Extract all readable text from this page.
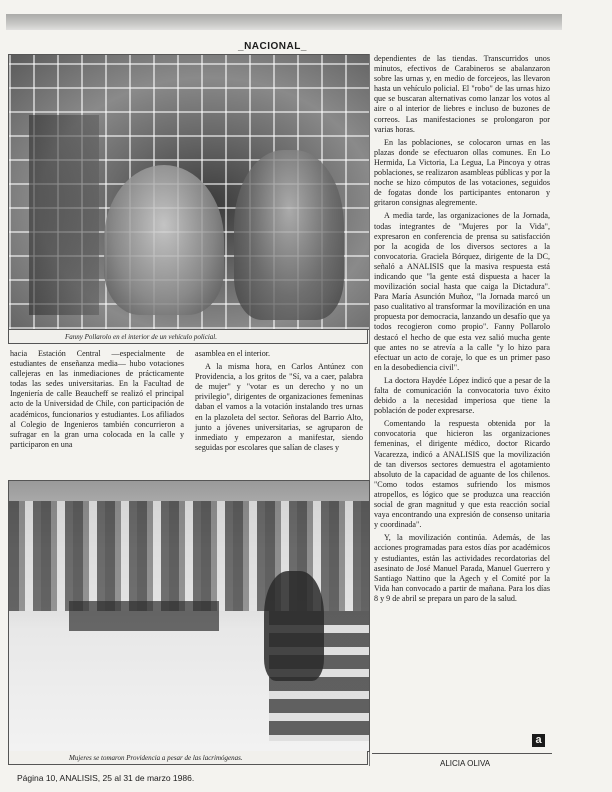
_NACIONAL_
Fanny Pollarolo en el interior de un vehículo policial.

hacia Estación Central —especialmente de estudiantes de enseñanza media— hubo votaciones callejeras en las inmediaciones de prácticamente todas las sedes universitarias. En la Facultad de Ingeniería de calle Beaucheff se realizó el principal acto de la Universidad de Chile, con participación de académicos, funcionarios y estudiantes. Los afiliados al Colegio de Ingenieros también concurrieron a sufragar en la gran urna colocada en la calle y participaron en una

asamblea en el interior.

A la misma hora, en Carlos Antúnez con Providencia, a los gritos de "Sí, va a caer, palabra de mujer" y "votar es un derecho y no un privilegio", dirigentes de organizaciones femeninas daban el vamos a la votación instalando tres urnas en la plazoleta del sector. Señoras del Barrio Alto, junto a jóvenes universitarias, se agruparon de inmediato y empezaron a manifestar, siendo seguidas por escolares que salían de clases y

Mujeres se tomaron Providencia a pesar de las lacrimógenas.

dependientes de las tiendas. Transcurridos unos minutos, efectivos de Carabineros se abalanzaron sobre las urnas y, en medio de forcejeos, las llevaron hasta un vehículo policial. El "robo" de las urnas hizo que se buscaran alternativas como lanzar los votos al aire o al interior de liebres e incluso de buzones de correos. Las manifestaciones se prolongaron por varias horas.

En las poblaciones, se colocaron urnas en las plazas donde se efectuaron ollas comunes. En Lo Hermida, La Victoria, La Legua, La Pincoya y otras poblaciones, se realizaron asambleas públicas y por la noche se hizo cómputos de las votaciones, seguidos de fogatas donde los participantes entonaron y gritaron consignas alegremente.

A media tarde, las organizaciones de la Jornada, todas integrantes de "Mujeres por la Vida", expresaron en conferencia de prensa su satisfacción por la acogida de los diversos sectores a la convocatoria. Graciela Bórquez, dirigente de la DC, señaló a ANALISIS que la masiva respuesta está indicando que "la gente está dispuesta a hacer la movilización social hasta que caiga la Dictadura". Para María Asunción Muñoz, "la Jornada marcó un paso cualitativo al transformar la movilización en una propuesta por democracia, lanzando un desafío que ya todos recogieron como propio". Fanny Pollarolo destacó el hecho de que esta vez salió mucha gente que antes no se atrevía a la calle "y lo hizo para efectuar un acto de coraje, lo que es un primer paso en la desobediencia civil".

La doctora Haydée López indicó que a pesar de la falta de comunicación la convocatoria tuvo éxito debido a la necesidad imperiosa que tiene la población de poder expresarse.

Comentando la respuesta obtenida por la convocatoria que hicieron las organizaciones femeninas, el dirigente médico, doctor Ricardo Vacarezza, indicó a ANALISIS que la movilización de tan diversos sectores demuestra el agotamiento absoluto de la capacidad de aguante de los chilenos. "Como todos estamos sufriendo los mismos atropellos, es lógico que se produzca una reacción social de gran magnitud y que esta reacción social vaya encontrando una expresión de consenso unitaria y coordinada".

Y, la movilización continúa. Además, de las acciones programadas para estos días por académicos y estudiantes, están las actividades recordatorias del asesinato de José Manuel Parada, Manuel Guerrero y Santiago Nattino que la Agech y el Comité por la Vida han convocado a partir de mañana. Para los días 8 y 9 de abril se prepara un paro de la salud.

a
ALICIA OLIVA
Página 10, ANALISIS, 25 al 31 de marzo 1986.
